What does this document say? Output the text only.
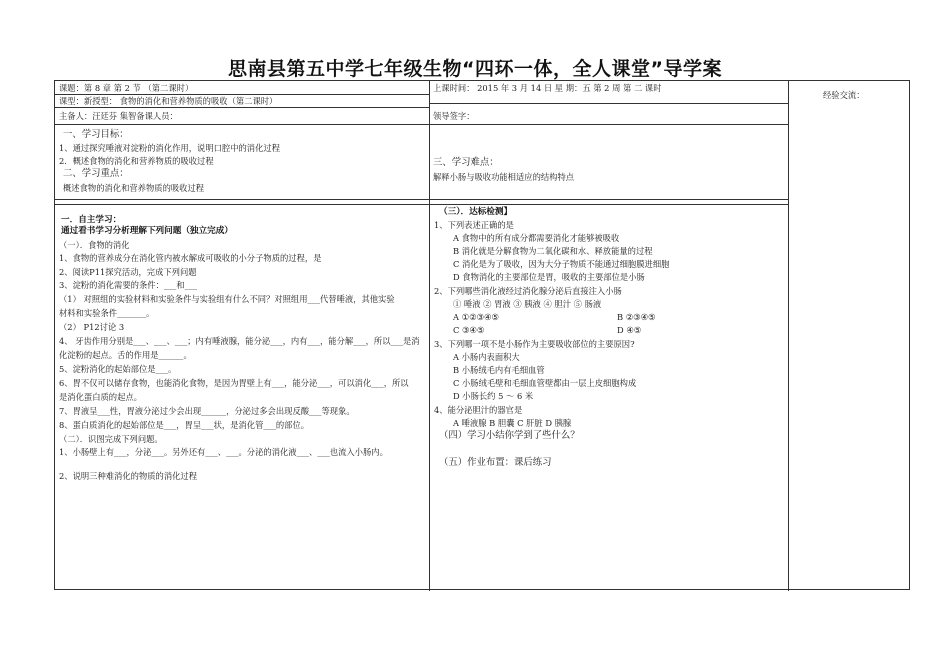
思南县第五中学七年级生物“四环一体，全人课堂”导学案
课题：第 8 章 第 2 节 （第二课时）
课型：新授型： 食物的消化和营养物质的吸收（第二课时）
主备人：汪廷芬 集智备课人员：
上课时间： 2015 年 3 月 14 日 星 期：五 第 2 周 第 二 课时
领导签字：
经验交流：
一、学习目标：
1、通过探究唾液对淀粉的消化作用，说明口腔中的消化过程
2．概述食物的消化和营养物质的吸收过程
二、学习重点：
概述食物的消化和营养物质的吸收过程
三、学习难点：
解释小肠与吸收功能相适应的结构特点
一．自主学习：
通过看书学习分析理解下列问题（独立完成）
（一）．食物的消化
1、食物的营养成分在消化管内被水解成可吸收的小分子物质的过程，是
2、阅读P11探究活动，完成下列问题
3、淀粉的消化需要的条件：___和___
（1） 对照组的实验材料和实验条件与实验组有什么不同？对照组用___代替唾液，其他实验
材料和实验条件_______。
（2） P12讨论 3
4、 牙齿作用分别是___、___、___；内有唾液腺，能分泌___，内有___，能分解___，所以___是消
化淀粉的起点。舌的作用是______。
5、淀粉消化的起始部位是___。
6、胃不仅可以储存食物，也能消化食物，是因为胃壁上有___，能分泌___，可以消化___，所以
是消化蛋白质的起点。
7、胃液呈___性，胃液分泌过少会出现______，分泌过多会出现反酸___等现象。
8、蛋白质消化的起始部位是___，胃呈___状，是消化管___的部位。
（二）．识图完成下列问题。
1、小肠壁上有___，分泌___。另外还有___、___。分泌的消化液___、___也流入小肠内。
2、说明三种难消化的物质的消化过程
（三）．达标检测】
1、下列表述正确的是
A 食物中的所有成分都需要消化才能够被吸收
B 消化就是分解食物为二氧化碳和水、释放能量的过程
C 消化是为了吸收，因为大分子物质不能通过细胞膜进细胞
D 食物消化的主要部位是胃，吸收的主要部位是小肠
2、下列哪些消化液经过消化腺分泌后直接注入小肠
① 唾液 ② 胃液 ③ 胰液 ④ 胆汁 ⑤ 肠液
A ①②③④⑤	B ②③④⑤
C ③④⑤	D ④⑤
3、下列哪一项不是小肠作为主要吸收部位的主要原因?
A 小肠内表面积大
B 小肠绒毛内有毛细血管
C 小肠绒毛壁和毛细血管壁都由一层上皮细胞构成
D 小肠长约 5 ～ 6 米
4、能分泌胆汁的器官是
A 唾液腺 B 胆囊 C 肝脏 D 胰腺
（四）学习小结你学到了些什么？
（五）作业布置：课后练习
